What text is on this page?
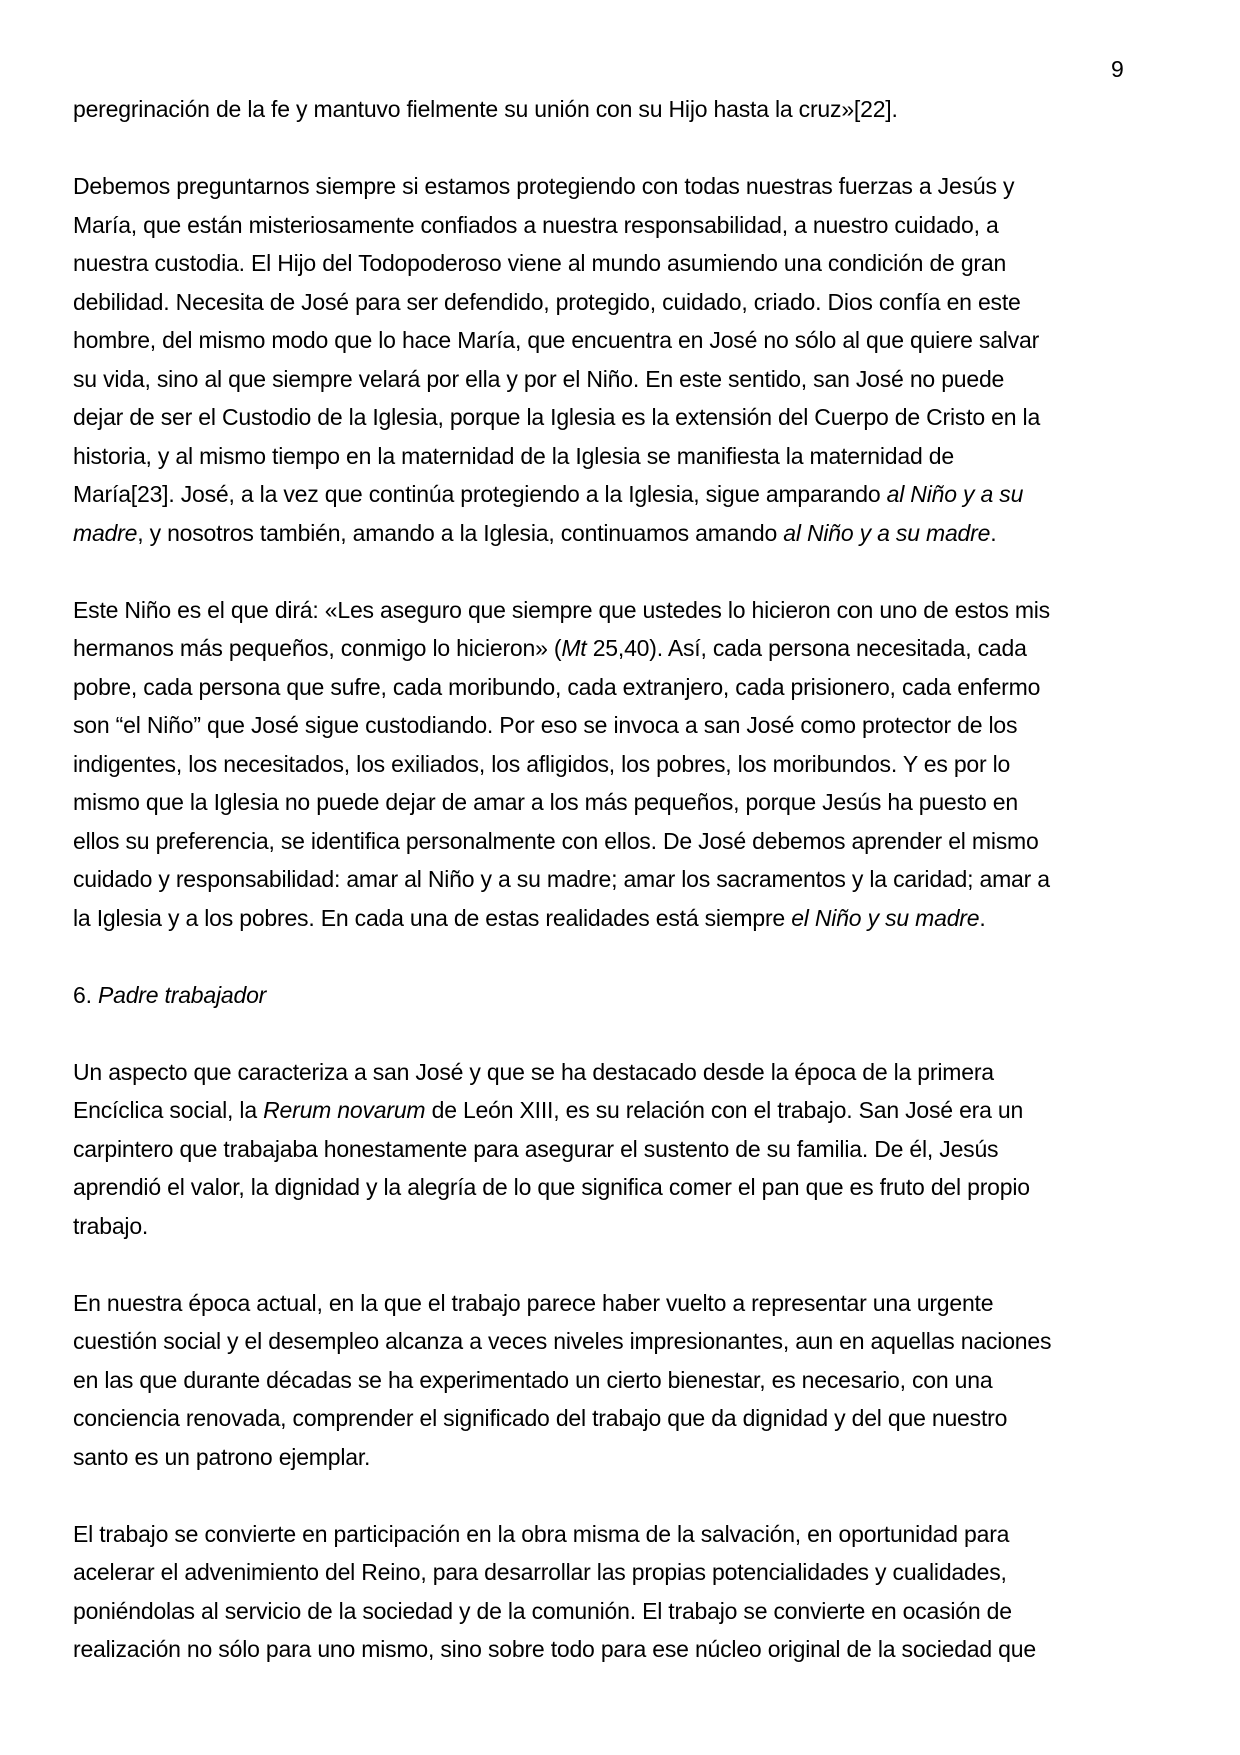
9
peregrinación de la fe y mantuvo fielmente su unión con su Hijo hasta la cruz»[22].
Debemos preguntarnos siempre si estamos protegiendo con todas nuestras fuerzas a Jesús y
María, que están misteriosamente confiados a nuestra responsabilidad, a nuestro cuidado, a
nuestra custodia. El Hijo del Todopoderoso viene al mundo asumiendo una condición de gran
debilidad. Necesita de José para ser defendido, protegido, cuidado, criado. Dios confía en este
hombre, del mismo modo que lo hace María, que encuentra en José no sólo al que quiere salvar
su vida, sino al que siempre velará por ella y por el Niño. En este sentido, san José no puede
dejar de ser el Custodio de la Iglesia, porque la Iglesia es la extensión del Cuerpo de Cristo en la
historia, y al mismo tiempo en la maternidad de la Iglesia se manifiesta la maternidad de
María[23]. José, a la vez que continúa protegiendo a la Iglesia, sigue amparando al Niño y a su
madre, y nosotros también, amando a la Iglesia, continuamos amando al Niño y a su madre.
Este Niño es el que dirá: «Les aseguro que siempre que ustedes lo hicieron con uno de estos mis
hermanos más pequeños, conmigo lo hicieron» (Mt 25,40). Así, cada persona necesitada, cada
pobre, cada persona que sufre, cada moribundo, cada extranjero, cada prisionero, cada enfermo
son “el Niño” que José sigue custodiando. Por eso se invoca a san José como protector de los
indigentes, los necesitados, los exiliados, los afligidos, los pobres, los moribundos. Y es por lo
mismo que la Iglesia no puede dejar de amar a los más pequeños, porque Jesús ha puesto en
ellos su preferencia, se identifica personalmente con ellos. De José debemos aprender el mismo
cuidado y responsabilidad: amar al Niño y a su madre; amar los sacramentos y la caridad; amar a
la Iglesia y a los pobres. En cada una de estas realidades está siempre el Niño y su madre.
6. Padre trabajador
Un aspecto que caracteriza a san José y que se ha destacado desde la época de la primera
Encíclica social, la Rerum novarum de León XIII, es su relación con el trabajo. San José era un
carpintero que trabajaba honestamente para asegurar el sustento de su familia. De él, Jesús
aprendió el valor, la dignidad y la alegría de lo que significa comer el pan que es fruto del propio
trabajo.
En nuestra época actual, en la que el trabajo parece haber vuelto a representar una urgente
cuestión social y el desempleo alcanza a veces niveles impresionantes, aun en aquellas naciones
en las que durante décadas se ha experimentado un cierto bienestar, es necesario, con una
conciencia renovada, comprender el significado del trabajo que da dignidad y del que nuestro
santo es un patrono ejemplar.
El trabajo se convierte en participación en la obra misma de la salvación, en oportunidad para
acelerar el advenimiento del Reino, para desarrollar las propias potencialidades y cualidades,
poniéndolas al servicio de la sociedad y de la comunión. El trabajo se convierte en ocasión de
realización no sólo para uno mismo, sino sobre todo para ese núcleo original de la sociedad que
